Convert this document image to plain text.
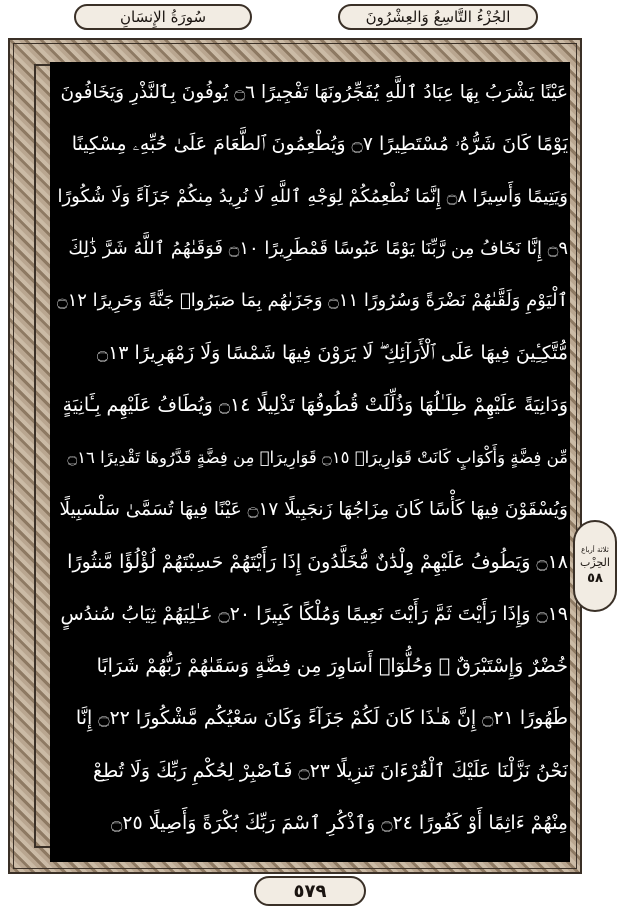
الجُزْءُ التَّاسِعُ وَالعِشْرُونَ
سُورَةُ الإِنسَانِ
عَيْنًا يَشْرَبُ بِهَا عِبَادُ ٱللَّهِ يُفَجِّرُونَهَا تَفْجِيرًا ۝٦ يُوفُونَ بِٱلنَّذْرِ وَيَخَافُونَ
يَوْمًا كَانَ شَرُّهُۥ مُسْتَطِيرًا ۝٧ وَيُطْعِمُونَ ٱلطَّعَامَ عَلَىٰ حُبِّهِۦ مِسْكِينًا
وَيَتِيمًا وَأَسِيرًا ۝٨ إِنَّمَا نُطْعِمُكُمْ لِوَجْهِ ٱللَّهِ لَا نُرِيدُ مِنكُمْ جَزَآءً وَلَا شُكُورًا
۝٩ إِنَّا نَخَافُ مِن رَّبِّنَا يَوْمًا عَبُوسًا قَمْطَرِيرًا ۝١٠ فَوَقَىٰهُمُ ٱللَّهُ شَرَّ ذَٰلِكَ
ٱلْيَوْمِ وَلَقَّىٰهُمْ نَضْرَةً وَسُرُورًا ۝١١ وَجَزَىٰهُم بِمَا صَبَرُوا۟ جَنَّةً وَحَرِيرًا ۝١٢
مُّتَّكِـِٔينَ فِيهَا عَلَى ٱلْأَرَآئِكِ ۖ لَا يَرَوْنَ فِيهَا شَمْسًا وَلَا زَمْهَرِيرًا ۝١٣
وَدَانِيَةً عَلَيْهِمْ ظِلَـٰلُهَا وَذُلِّلَتْ قُطُوفُهَا تَذْلِيلًا ۝١٤ وَيُطَافُ عَلَيْهِم بِـَٔانِيَةٍ
مِّن فِضَّةٍ وَأَكْوَابٍ كَانَتْ قَوَارِيرَا۠ ۝١٥ قَوَارِيرَا۟ مِن فِضَّةٍ قَدَّرُوهَا تَقْدِيرًا ۝١٦
وَيُسْقَوْنَ فِيهَا كَأْسًا كَانَ مِزَاجُهَا زَنجَبِيلًا ۝١٧ عَيْنًا فِيهَا تُسَمَّىٰ سَلْسَبِيلًا
۝١٨ وَيَطُوفُ عَلَيْهِمْ وِلْدَٰنٌ مُّخَلَّدُونَ إِذَا رَأَيْتَهُمْ حَسِبْتَهُمْ لُؤْلُؤًا مَّنثُورًا
۝١٩ وَإِذَا رَأَيْتَ ثَمَّ رَأَيْتَ نَعِيمًا وَمُلْكًا كَبِيرًا ۝٢٠ عَـٰلِيَهُمْ ثِيَابُ سُندُسٍ
خُضْرٌ وَإِسْتَبْرَقٌ ۖ وَحُلُّوٓا۟ أَسَاوِرَ مِن فِضَّةٍ وَسَقَىٰهُمْ رَبُّهُمْ شَرَابًا
طَهُورًا ۝٢١ إِنَّ هَـٰذَا كَانَ لَكُمْ جَزَآءً وَكَانَ سَعْيُكُم مَّشْكُورًا ۝٢٢ إِنَّا
نَحْنُ نَزَّلْنَا عَلَيْكَ ٱلْقُرْءَانَ تَنزِيلًا ۝٢٣ فَٱصْبِرْ لِحُكْمِ رَبِّكَ وَلَا تُطِعْ
مِنْهُمْ ءَاثِمًا أَوْ كَفُورًا ۝٢٤ وَٱذْكُرِ ٱسْمَ رَبِّكَ بُكْرَةً وَأَصِيلًا ۝٢٥
ثلاثة أرباع
الحِزْب
٥٨
٥٧٩
